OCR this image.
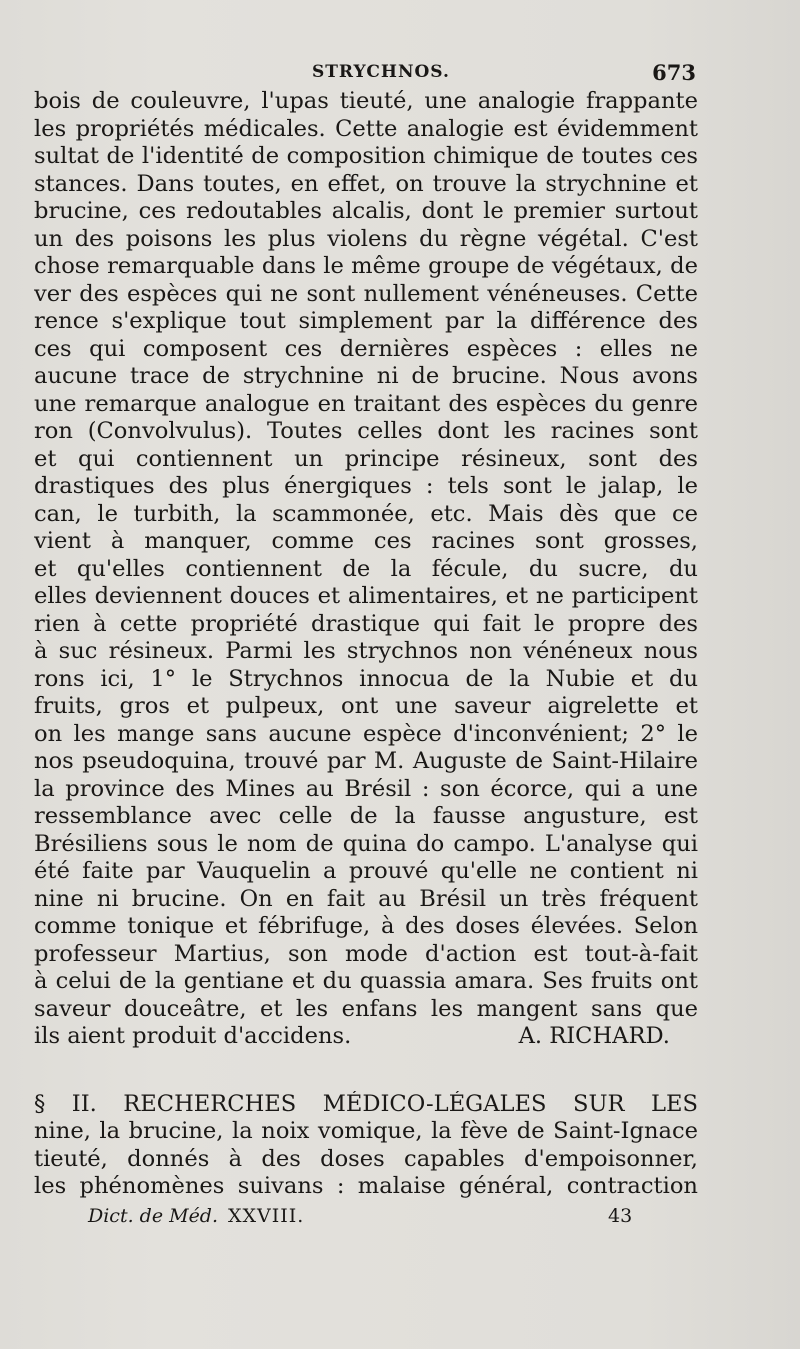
STRYCHNOS.	673
bois de couleuvre, l'upas tieuté, une analogie frappante
les propriétés médicales. Cette analogie est évidemment
sultat de l'identité de composition chimique de toutes ces
stances. Dans toutes, en effet, on trouve la strychnine et
brucine, ces redoutables alcalis, dont le premier surtout
un des poisons les plus violens du règne végétal. C'est
chose remarquable dans le même groupe de végétaux, de
ver des espèces qui ne sont nullement vénéneuses. Cette
rence s'explique tout simplement par la différence des
ces qui composent ces dernières espèces : elles ne
aucune trace de strychnine ni de brucine. Nous avons
une remarque analogue en traitant des espèces du genre
ron (Convolvulus). Toutes celles dont les racines sont
et qui contiennent un principe résineux, sont des
drastiques des plus énergiques : tels sont le jalap, le
can, le turbith, la scammonée, etc. Mais dès que ce
vient à manquer, comme ces racines sont grosses,
et qu'elles contiennent de la fécule, du sucre, du
elles deviennent douces et alimentaires, et ne participent
rien à cette propriété drastique qui fait le propre des
à suc résineux. Parmi les strychnos non vénéneux nous
rons ici, 1° le Strychnos innocua de la Nubie et du
fruits, gros et pulpeux, ont une saveur aigrelette et
on les mange sans aucune espèce d'inconvénient; 2° le
nos pseudoquina, trouvé par M. Auguste de Saint-Hilaire
la province des Mines au Brésil : son écorce, qui a une
ressemblance avec celle de la fausse angusture, est
Brésiliens sous le nom de quina do campo. L'analyse qui
été faite par Vauquelin a prouvé qu'elle ne contient ni
nine ni brucine. On en fait au Brésil un très fréquent
comme tonique et fébrifuge, à des doses élevées. Selon
professeur Martius, son mode d'action est tout-à-fait
à celui de la gentiane et du quassia amara. Ses fruits ont
saveur douceâtre, et les enfans les mangent sans que
ils aient produit d'accidens.	A. RICHARD.
§ II. RECHERCHES MÉDICO-LÉGALES SUR LES
nine, la brucine, la noix vomique, la fève de Saint-Ignace
tieuté, donnés à des doses capables d'empoisonner,
les phénomènes suivans : malaise général, contraction
Dict. de Méd. XXVIII.	43
